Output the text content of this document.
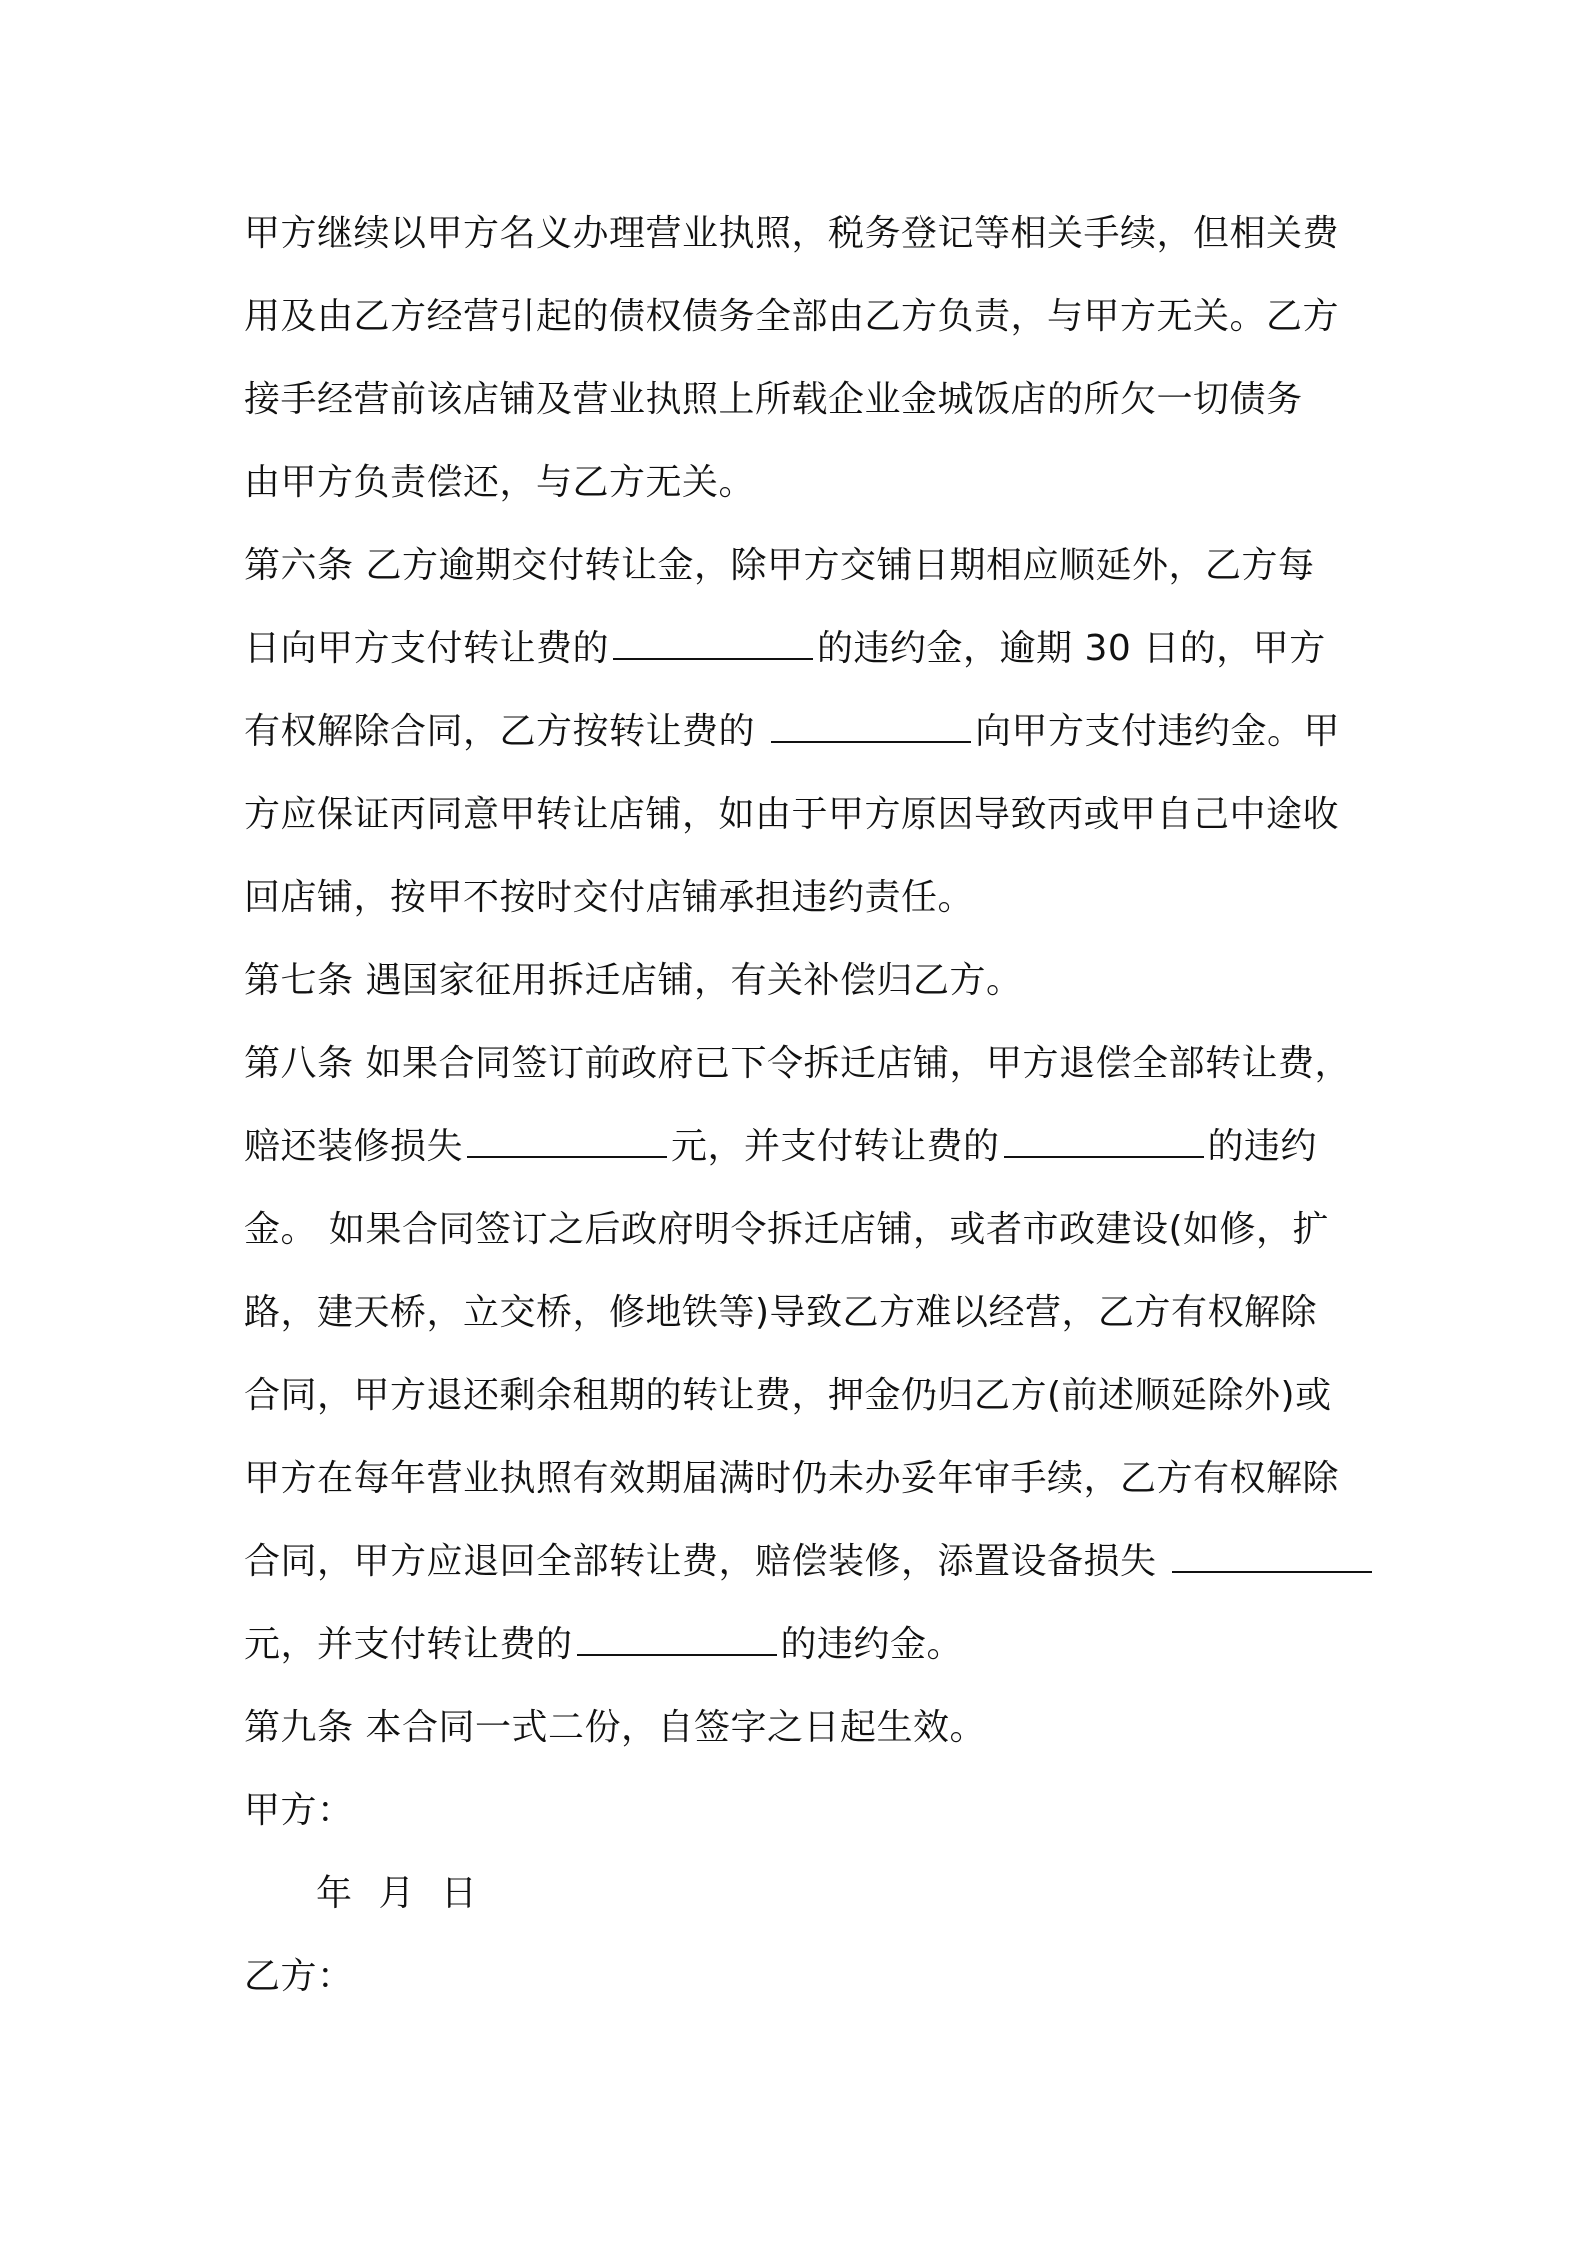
甲方继续以甲方名义办理营业执照，税务登记等相关手续，但相关费
用及由乙方经营引起的债权债务全部由乙方负责，与甲方无关。乙方
接手经营前该店铺及营业执照上所载企业金城饭店的所欠一切债务
由甲方负责偿还，与乙方无关。
第六条 乙方逾期交付转让金，除甲方交铺日期相应顺延外，乙方每
日向甲方支付转让费的	的违约金，逾期 30 日的，甲方
有权解除合同，乙方按转让费的	向甲方支付违约金。甲
方应保证丙同意甲转让店铺，如由于甲方原因导致丙或甲自己中途收
回店铺，按甲不按时交付店铺承担违约责任。
第七条 遇国家征用拆迁店铺，有关补偿归乙方。
第八条 如果合同签订前政府已下令拆迁店铺，甲方退偿全部转让费，
赔还装修损失	元，并支付转让费的	的违约
金。 如果合同签订之后政府明令拆迁店铺，或者市政建设(如修，扩
路，建天桥，立交桥，修地铁等)导致乙方难以经营，乙方有权解除
合同，甲方退还剩余租期的转让费，押金仍归乙方(前述顺延除外)或
甲方在每年营业执照有效期届满时仍未办妥年审手续，乙方有权解除
合同，甲方应退回全部转让费，赔偿装修，添置设备损失
元，并支付转让费的	的违约金。
第九条 本合同一式二份，自签字之日起生效。
甲方：
年 月 日
乙方：
